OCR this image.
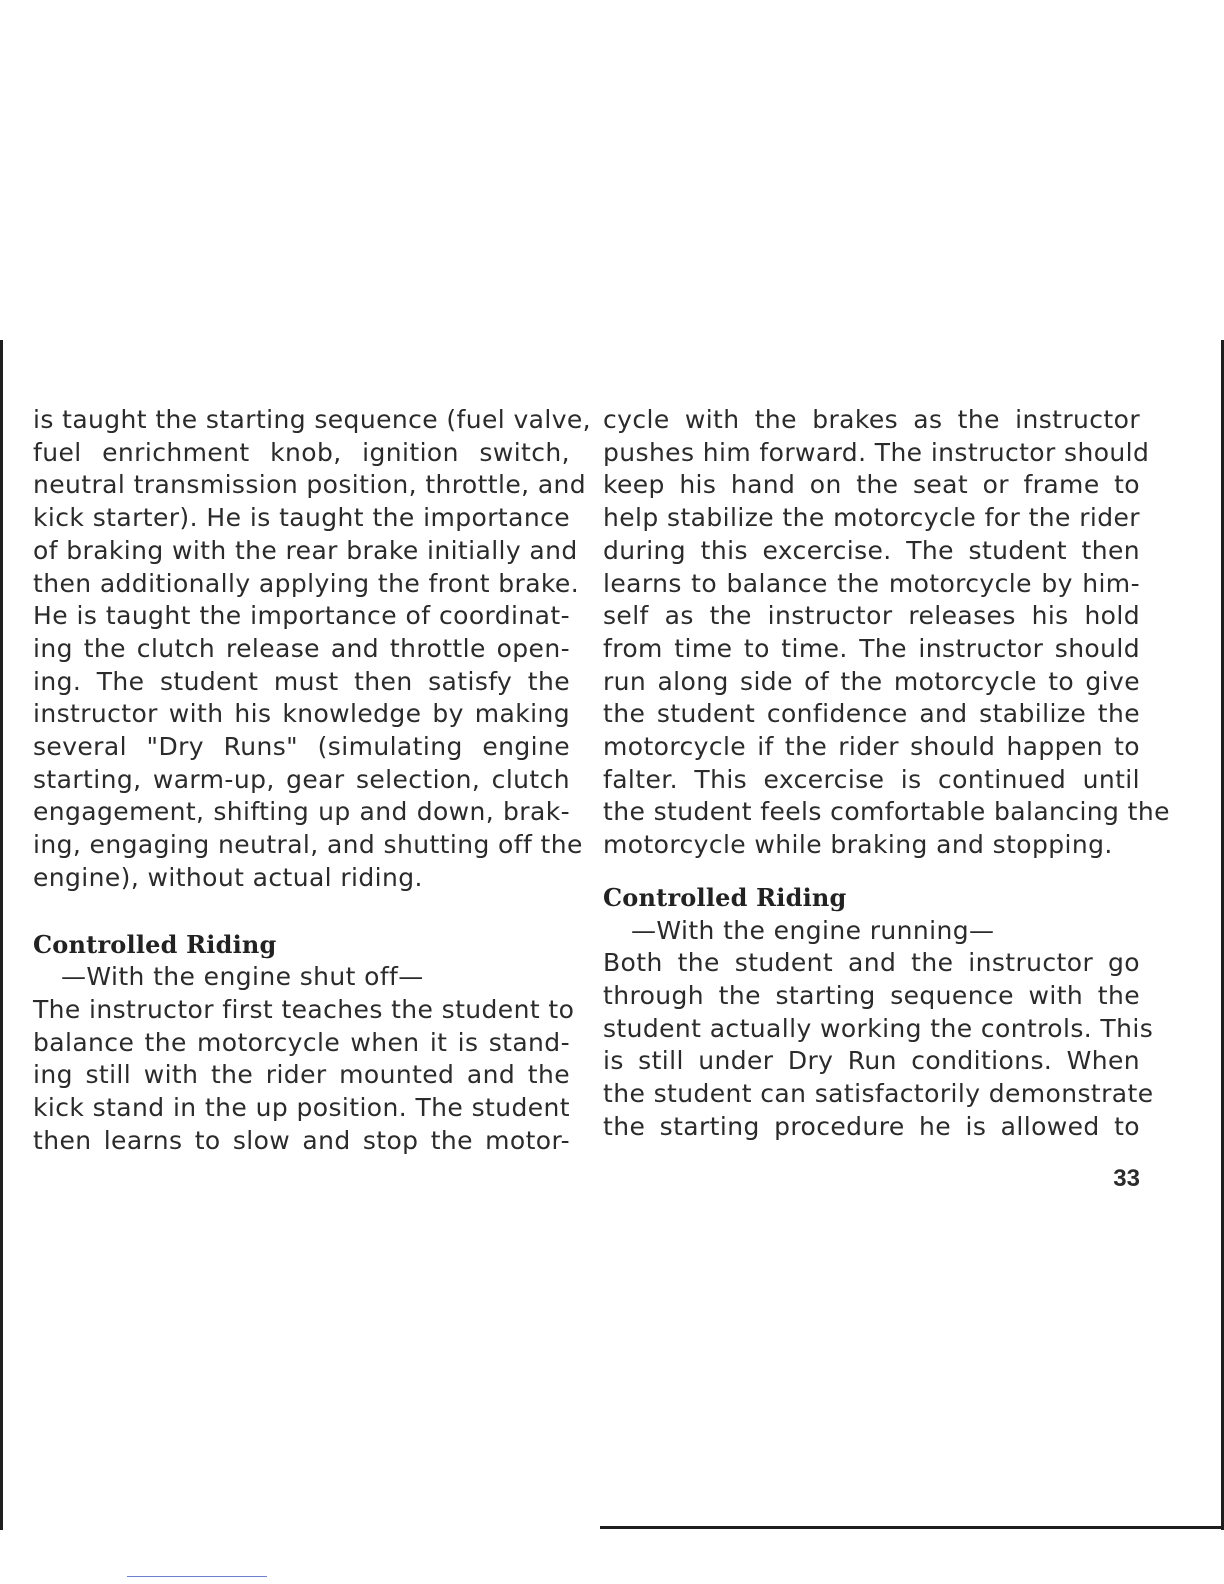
is taught the starting sequence (fuel valve,
fuel enrichment knob, ignition switch,
neutral transmission position, throttle, and
kick starter). He is taught the importance
of braking with the rear brake initially and
then additionally applying the front brake.
He is taught the importance of coordinat-
ing the clutch release and throttle open-
ing. The student must then satisfy the
instructor with his knowledge by making
several "Dry Runs" (simulating engine
starting, warm-up, gear selection, clutch
engagement, shifting up and down, brak-
ing, engaging neutral, and shutting off the
engine), without actual riding.
Controlled Riding
—With the engine shut off—
The instructor first teaches the student to
balance the motorcycle when it is stand-
ing still with the rider mounted and the
kick stand in the up position. The student
then learns to slow and stop the motor-
cycle with the brakes as the instructor
pushes him forward. The instructor should
keep his hand on the seat or frame to
help stabilize the motorcycle for the rider
during this excercise. The student then
learns to balance the motorcycle by him-
self as the instructor releases his hold
from time to time. The instructor should
run along side of the motorcycle to give
the student confidence and stabilize the
motorcycle if the rider should happen to
falter. This excercise is continued until
the student feels comfortable balancing the
motorcycle while braking and stopping.
Controlled Riding
—With the engine running—
Both the student and the instructor go
through the starting sequence with the
student actually working the controls. This
is still under Dry Run conditions. When
the student can satisfactorily demonstrate
the starting procedure he is allowed to
33
